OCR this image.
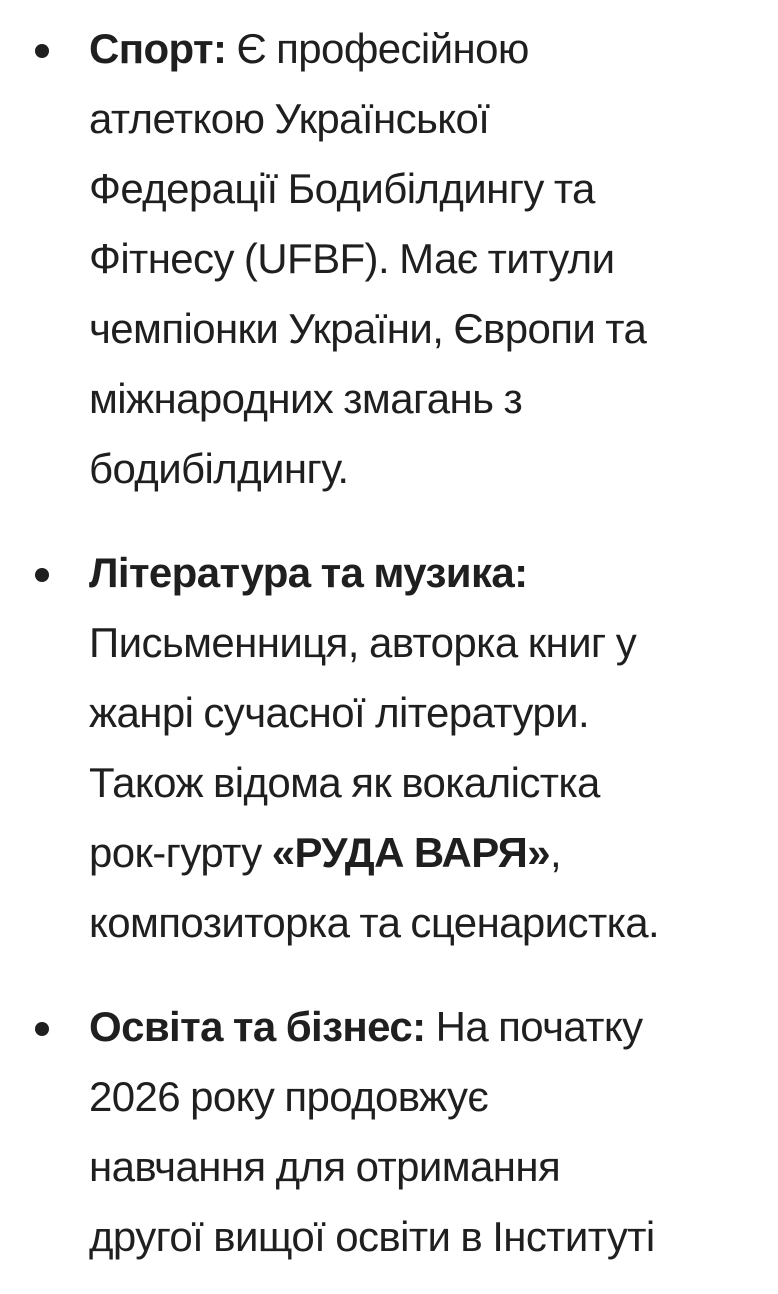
Спорт: Є професійною
атлеткою Української
Федерації Бодибілдингу та
Фітнесу (UFBF). Має титули
чемпіонки України, Європи та
міжнародних змагань з
бодибілдингу.
Література та музика:
Письменниця, авторка книг у
жанрі сучасної літератури.
Також відома як вокалістка
рок-гурту «РУДА ВАРЯ»,
композиторка та сценаристка.
Освіта та бізнес: На початку
2026 року продовжує
навчання для отримання
другої вищої освіти в Інституті
